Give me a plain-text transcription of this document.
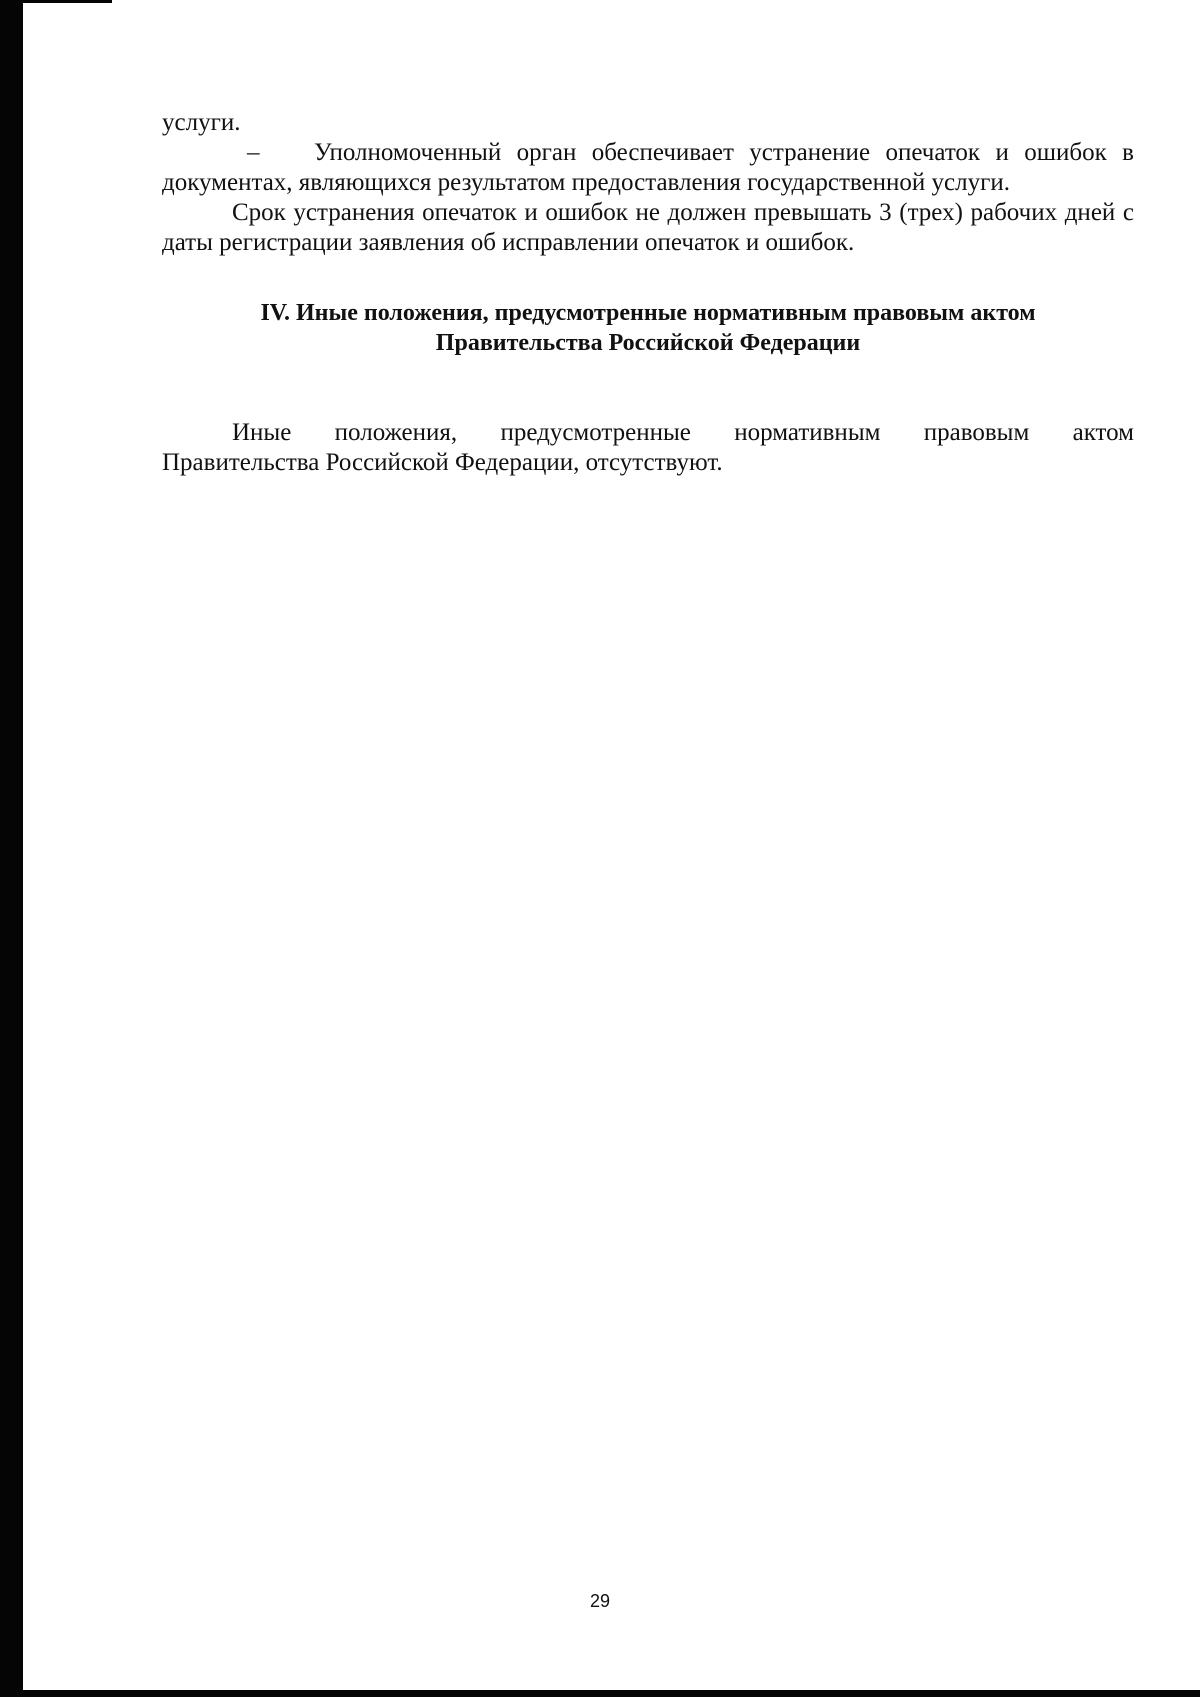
услуги.
– Уполномоченный орган обеспечивает устранение опечаток и ошибок в документах, являющихся результатом предоставления государственной услуги.
Срок устранения опечаток и ошибок не должен превышать 3 (трех) рабочих дней с даты регистрации заявления об исправлении опечаток и ошибок.
IV. Иные положения, предусмотренные нормативным правовым актом
Правительства Российской Федерации
Иные положения, предусмотренные нормативным правовым актом
Правительства Российской Федерации, отсутствуют.
29
